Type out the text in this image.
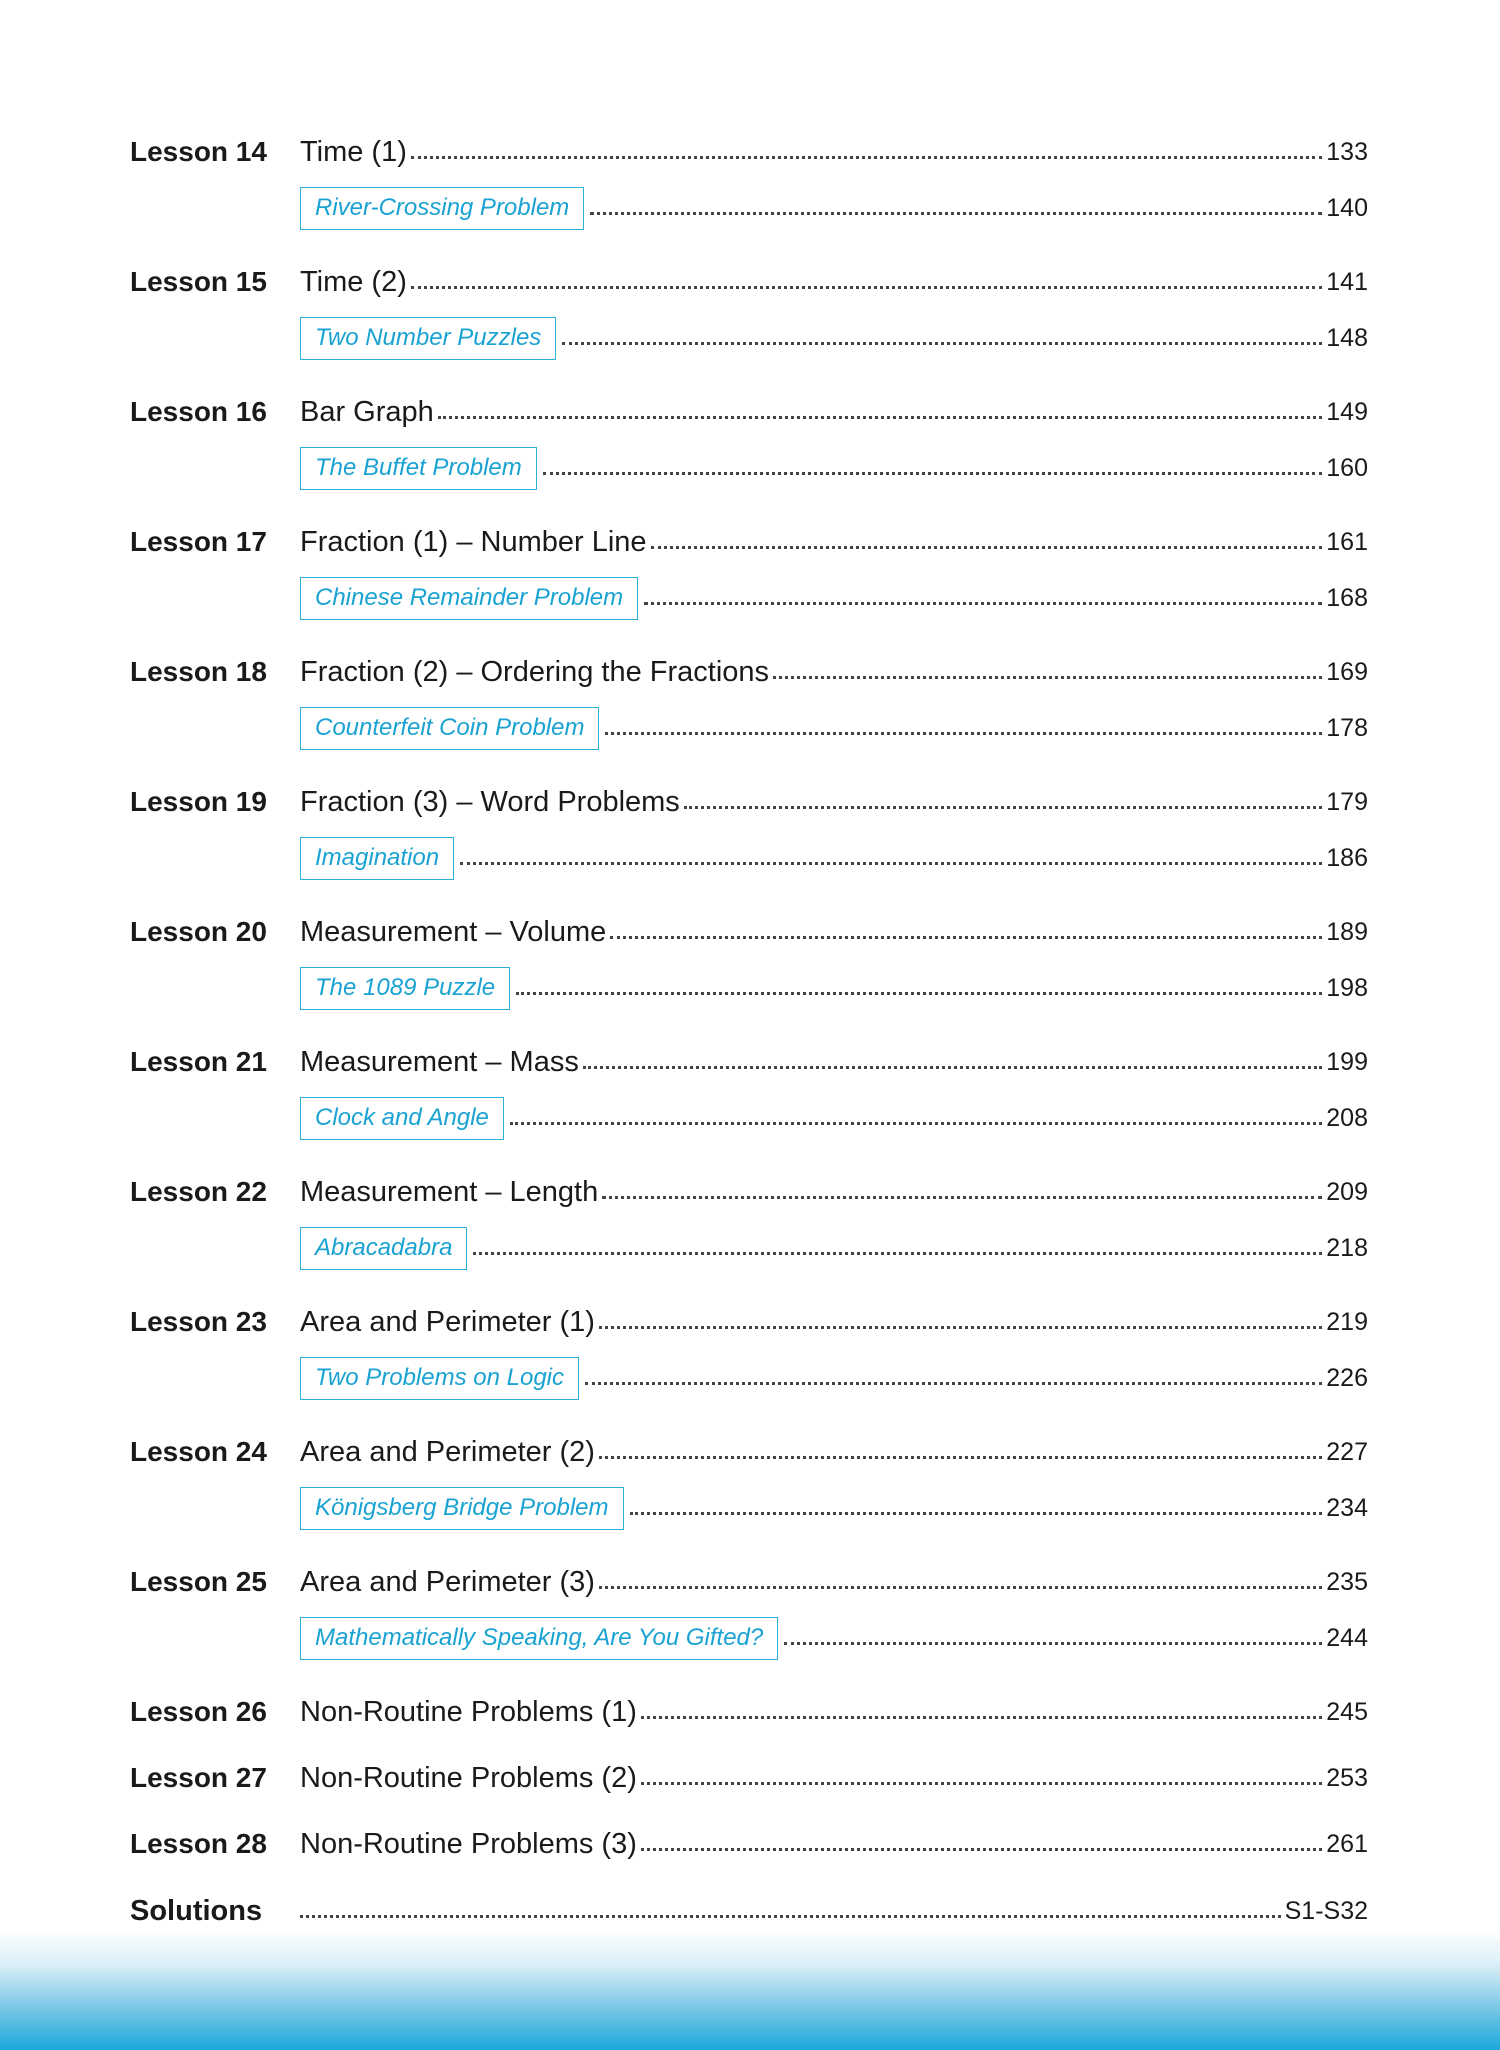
Lesson 14	Time (1)	133
River-Crossing Problem	140
Lesson 15	Time (2)	141
Two Number Puzzles	148
Lesson 16	Bar Graph	149
The Buffet Problem	160
Lesson 17	Fraction (1) – Number Line	161
Chinese Remainder Problem	168
Lesson 18	Fraction (2) – Ordering the Fractions	169
Counterfeit Coin Problem	178
Lesson 19	Fraction (3) – Word Problems	179
Imagination	186
Lesson 20	Measurement – Volume	189
The 1089 Puzzle	198
Lesson 21	Measurement – Mass	199
Clock and Angle	208
Lesson 22	Measurement – Length	209
Abracadabra	218
Lesson 23	Area and Perimeter (1)	219
Two Problems on Logic	226
Lesson 24	Area and Perimeter (2)	227
Königsberg Bridge Problem	234
Lesson 25	Area and Perimeter (3)	235
Mathematically Speaking, Are You Gifted?	244
Lesson 26	Non-Routine Problems (1)	245
Lesson 27	Non-Routine Problems (2)	253
Lesson 28	Non-Routine Problems (3)	261
Solutions	S1-S32
